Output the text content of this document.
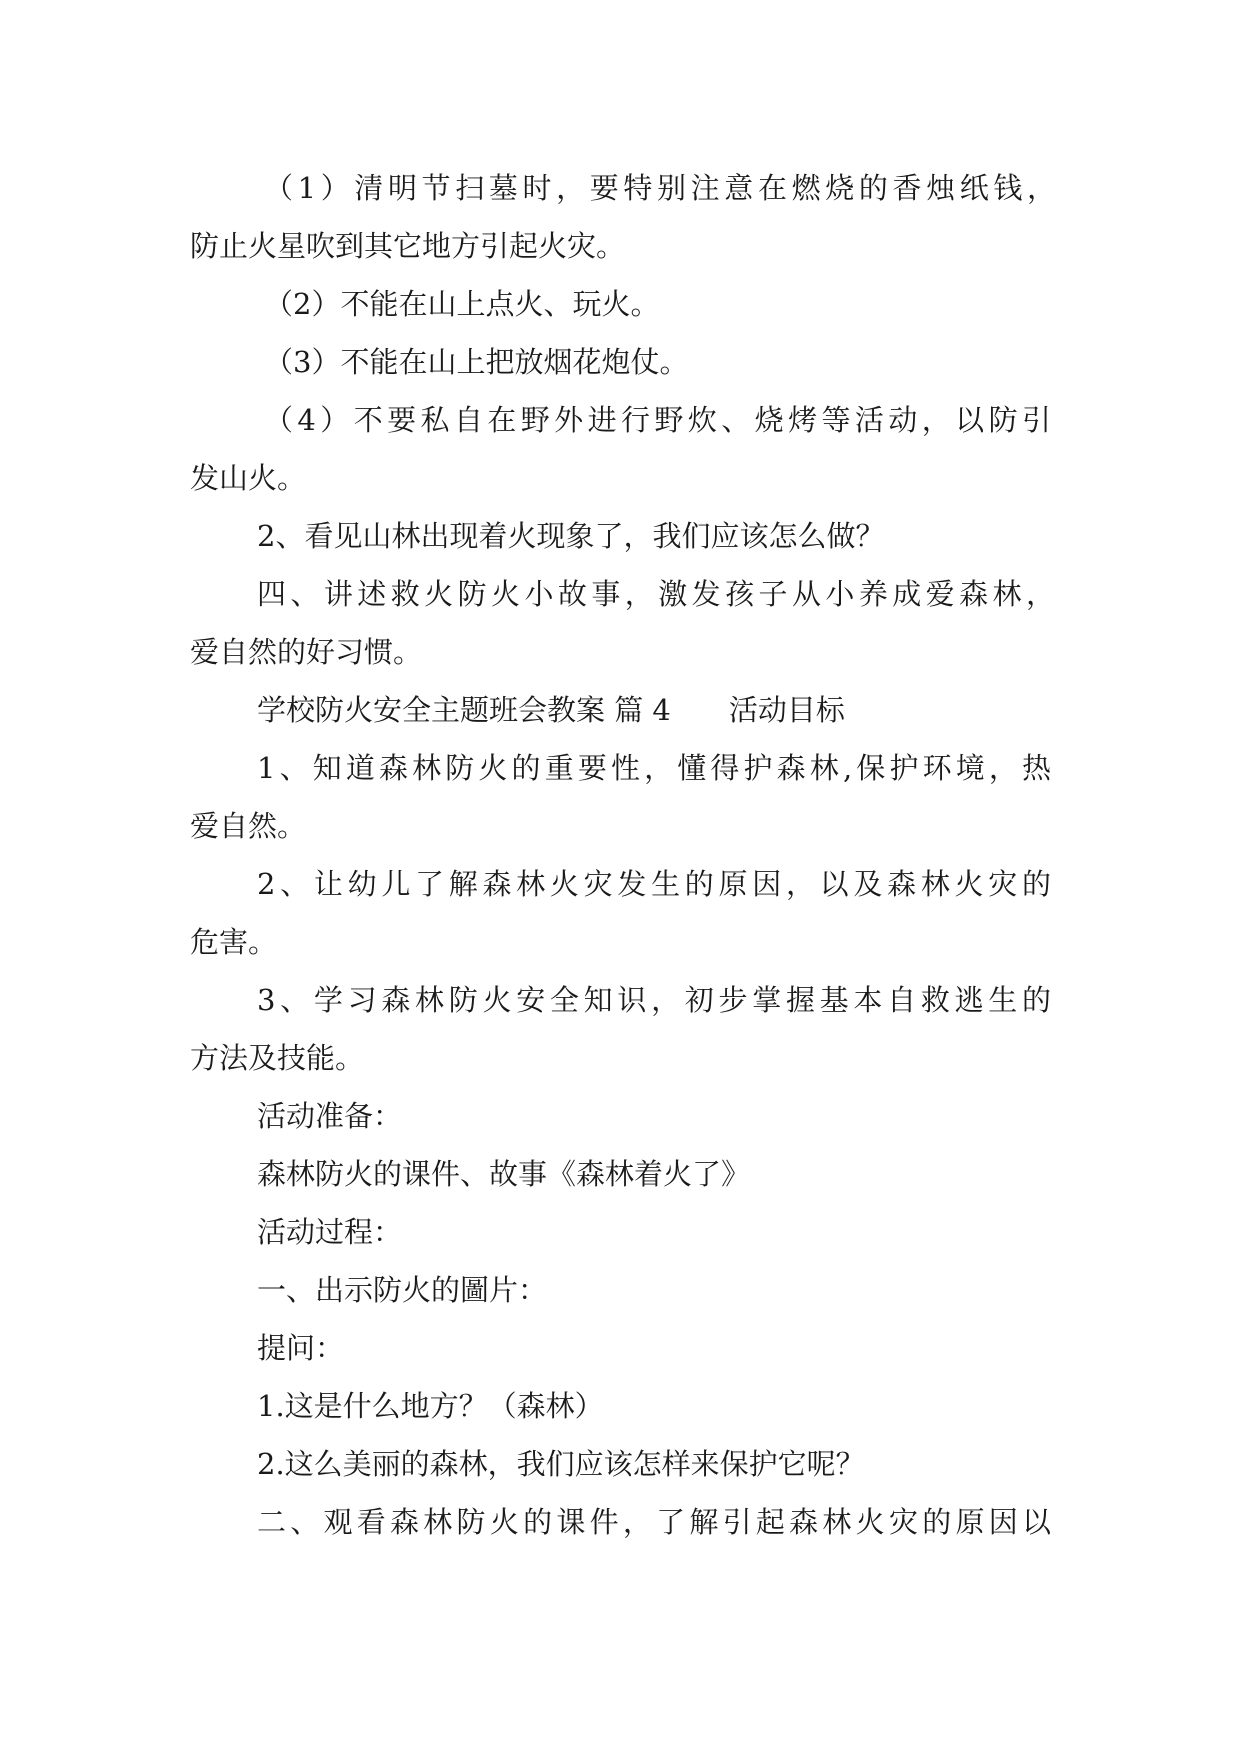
（1）清明节扫墓时，要特别注意在燃烧的香烛纸钱，
防止火星吹到其它地方引起火灾。
（2）不能在山上点火、玩火。
（3）不能在山上把放烟花炮仗。
（4）不要私自在野外进行野炊、烧烤等活动，以防引
发山火。
2、看见山林出现着火现象了，我们应该怎么做？
四、讲述救火防火小故事，激发孩子从小养成爱森林，
爱自然的好习惯。
学校防火安全主题班会教案 篇 4　　活动目标
1、知道森林防火的重要性，懂得护森林,保护环境，热
爱自然。
2、让幼儿了解森林火灾发生的原因，以及森林火灾的
危害。
3、学习森林防火安全知识，初步掌握基本自救逃生的
方法及技能。
活动准备：
森林防火的课件、故事《森林着火了》
活动过程：
一、出示防火的圖片：
提问：
1.这是什么地方？（森林）
2.这么美丽的森林，我们应该怎样来保护它呢？
二、观看森林防火的课件，了解引起森林火灾的原因以
